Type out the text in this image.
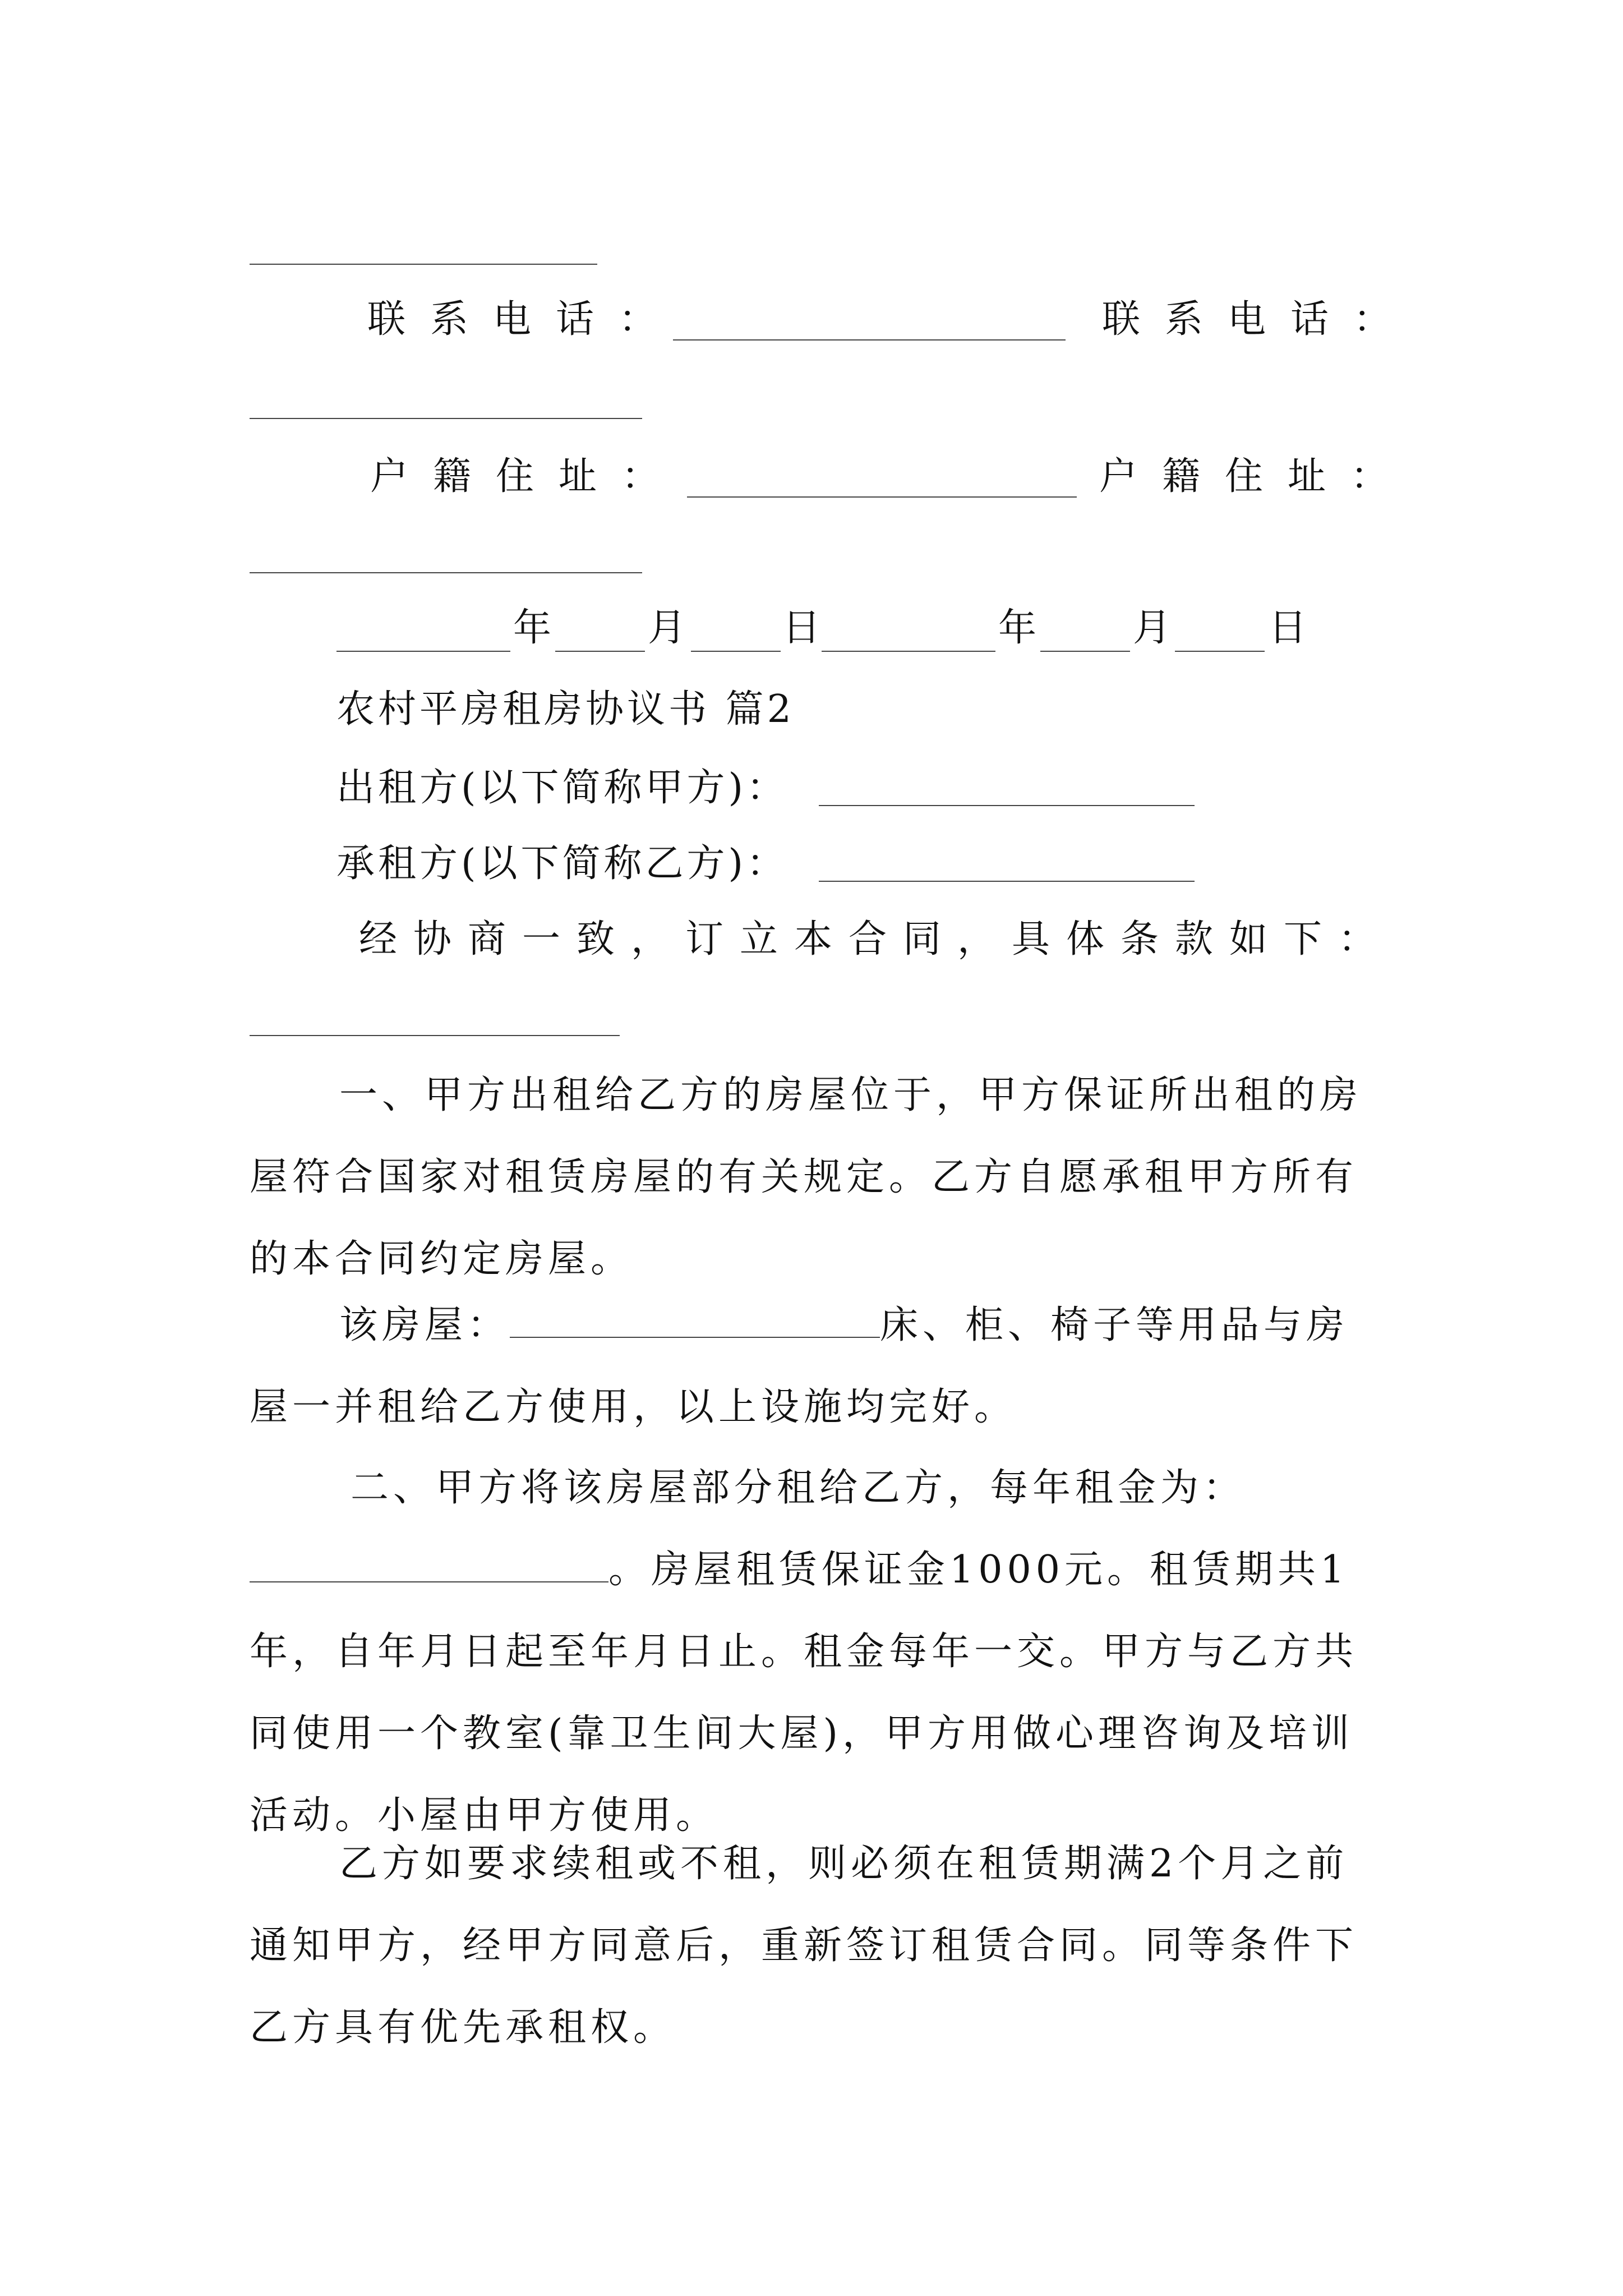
联系电话：	联系电话：
户籍住址：	户籍住址：
年 月 日	年 月 日
农村平房租房协议书 篇2
出租方(以下简称甲方)：
承租方(以下简称乙方)：
经协商一致，订立本合同，具体条款如下：
一、甲方出租给乙方的房屋位于，甲方保证所出租的房屋符合国家对租赁房屋的有关规定。乙方自愿承租甲方所有的本合同约定房屋。
该房屋：	床、柜、椅子等用品与房屋一并租给乙方使用，以上设施均完好。
二、甲方将该房屋部分租给乙方，每年租金为：。房屋租赁保证金1000元。租赁期共1年，自年月日起至年月日止。租金每年一交。甲方与乙方共同使用一个教室(靠卫生间大屋)，甲方用做心理咨询及培训活动。小屋由甲方使用。
乙方如要求续租或不租，则必须在租赁期满2个月之前通知甲方，经甲方同意后，重新签订租赁合同。同等条件下乙方具有优先承租权。
